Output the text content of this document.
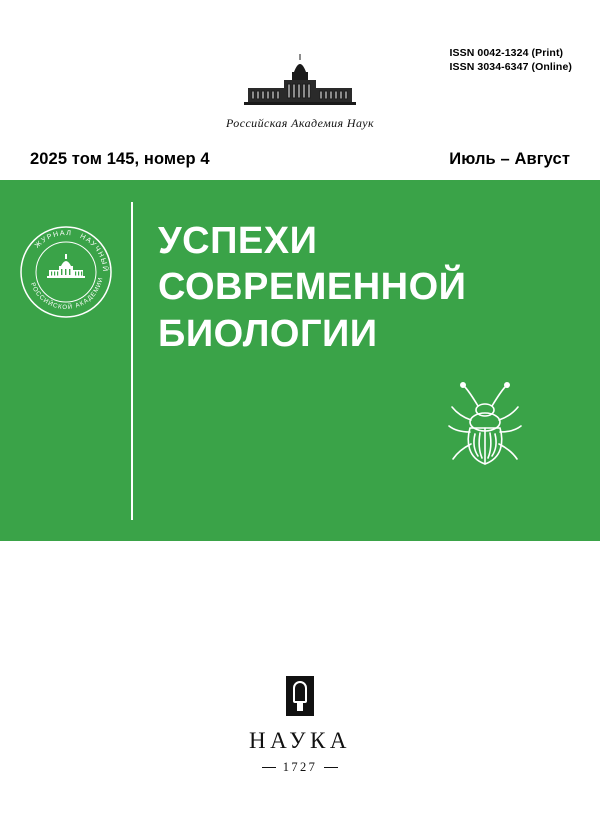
ISSN 0042-1324 (Print)
ISSN 3034-6347 (Online)
Российская Академия Наук
2025 том 145, номер 4	Июль – Август
ЖУРНАЛ НАУЧНЫЙ
РОССИЙСКОЙ АКАДЕМИИ
УСПЕХИ
СОВРЕМЕННОЙ
БИОЛОГИИ
НАУКА
1727
